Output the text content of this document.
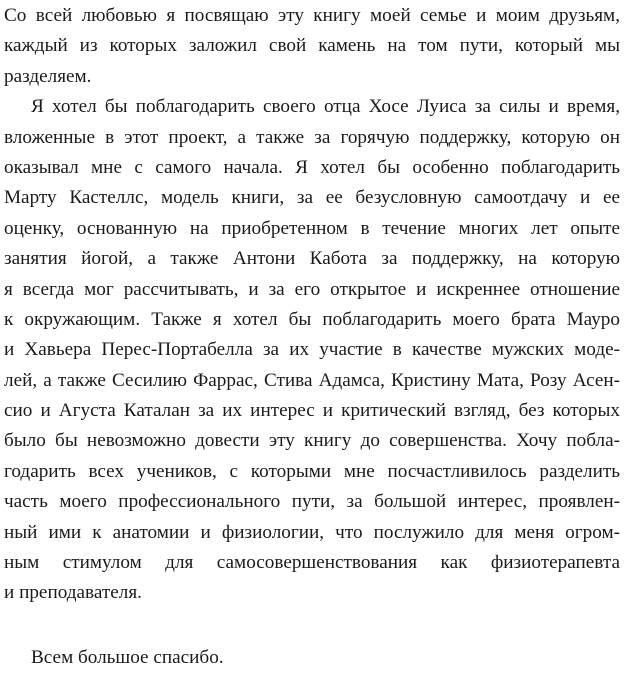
Со всей любовью я посвящаю эту книгу моей семье и моим друзьям,
каждый из которых заложил свой камень на том пути, который мы
разделяем.
Я хотел бы поблагодарить своего отца Хосе Луиса за силы и время,
вложенные в этот проект, а также за горячую поддержку, которую он
оказывал мне с самого начала. Я хотел бы особенно поблагодарить
Марту Кастеллс, модель книги, за ее безусловную самоотдачу и ее
оценку, основанную на приобретенном в течение многих лет опыте
занятия йогой, а также Антони Кабота за поддержку, на которую
я всегда мог рассчитывать, и за его открытое и искреннее отношение
к окружающим. Также я хотел бы поблагодарить моего брата Мауро
и Хавьера Перес-Портабелла за их участие в качестве мужских моде-
лей, а также Сесилию Фаррас, Стива Адамса, Кристину Мата, Розу Асен-
сио и Агуста Каталан за их интерес и критический взгляд, без которых
было бы невозможно довести эту книгу до совершенства. Хочу побла-
годарить всех учеников, с которыми мне посчастливилось разделить
часть моего профессионального пути, за большой интерес, проявлен-
ный ими к анатомии и физиологии, что послужило для меня огром-
ным стимулом для самосовершенствования как физиотерапевта
и преподавателя.
Всем большое спасибо.
